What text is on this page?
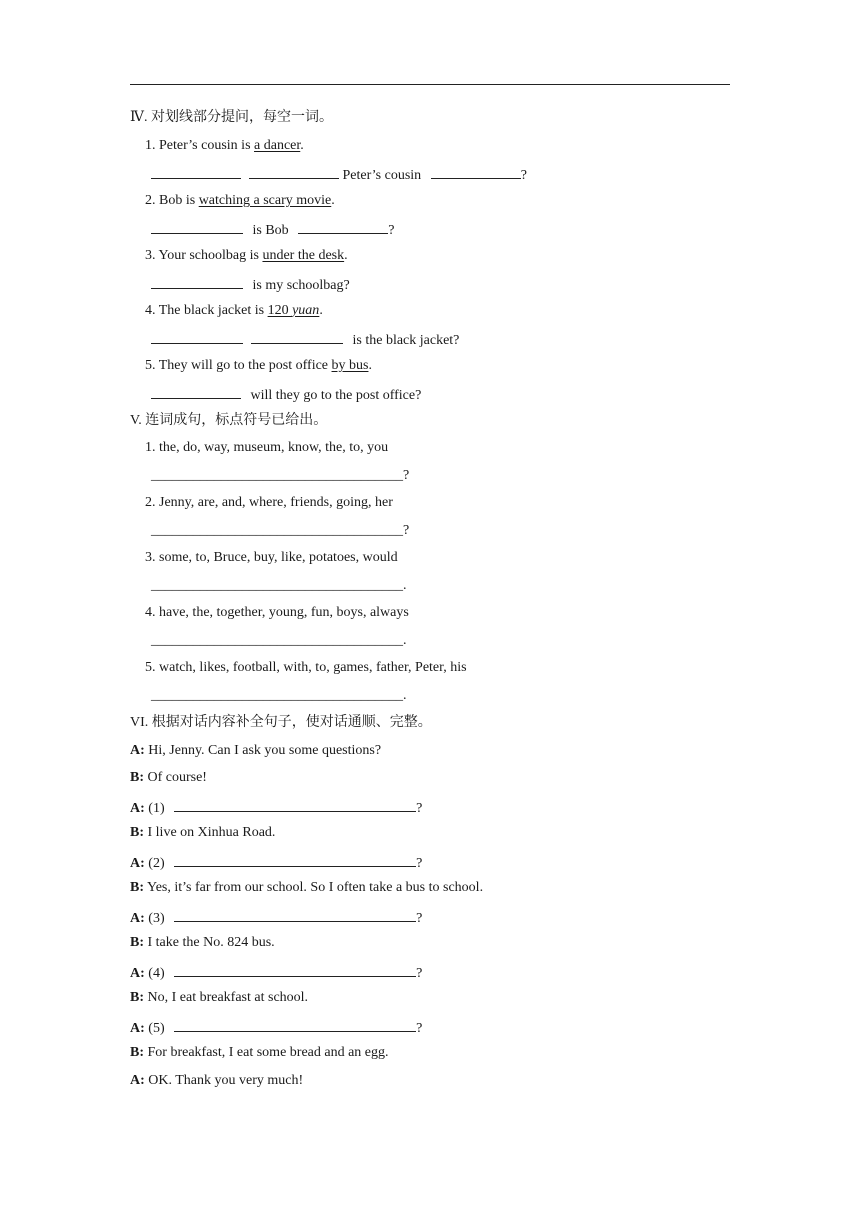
Ⅳ. 对划线部分提问，每空一词。
1. Peter’s cousin is a dancer.
Peter’s cousin	?
2. Bob is watching a scary movie.
is Bob	?
3. Your schoolbag is under the desk.
is my schoolbag?
4. The black jacket is 120 yuan.
is the black jacket?
5. They will go to the post office by bus.
will they go to the post office?
V. 连词成句，标点符号已给出。
1. the, do, way, museum, know, the, to, you
____________________________________?
2. Jenny, are, and, where, friends, going, her
____________________________________?
3. some, to, Bruce, buy, like, potatoes, would
____________________________________.
4. have, the, together, young, fun, boys, always
____________________________________.
5. watch, likes, football, with, to, games, father, Peter, his
____________________________________.
VI. 根据对话内容补全句子，使对话通顺、完整。
A: Hi, Jenny. Can I ask you some questions?
B: Of course!
A: (1)	?
B: I live on Xinhua Road.
A: (2)	?
B: Yes, it’s far from our school. So I often take a bus to school.
A: (3)	?
B: I take the No. 824 bus.
A: (4)	?
B: No, I eat breakfast at school.
A: (5)	?
B: For breakfast, I eat some bread and an egg.
A: OK. Thank you very much!
